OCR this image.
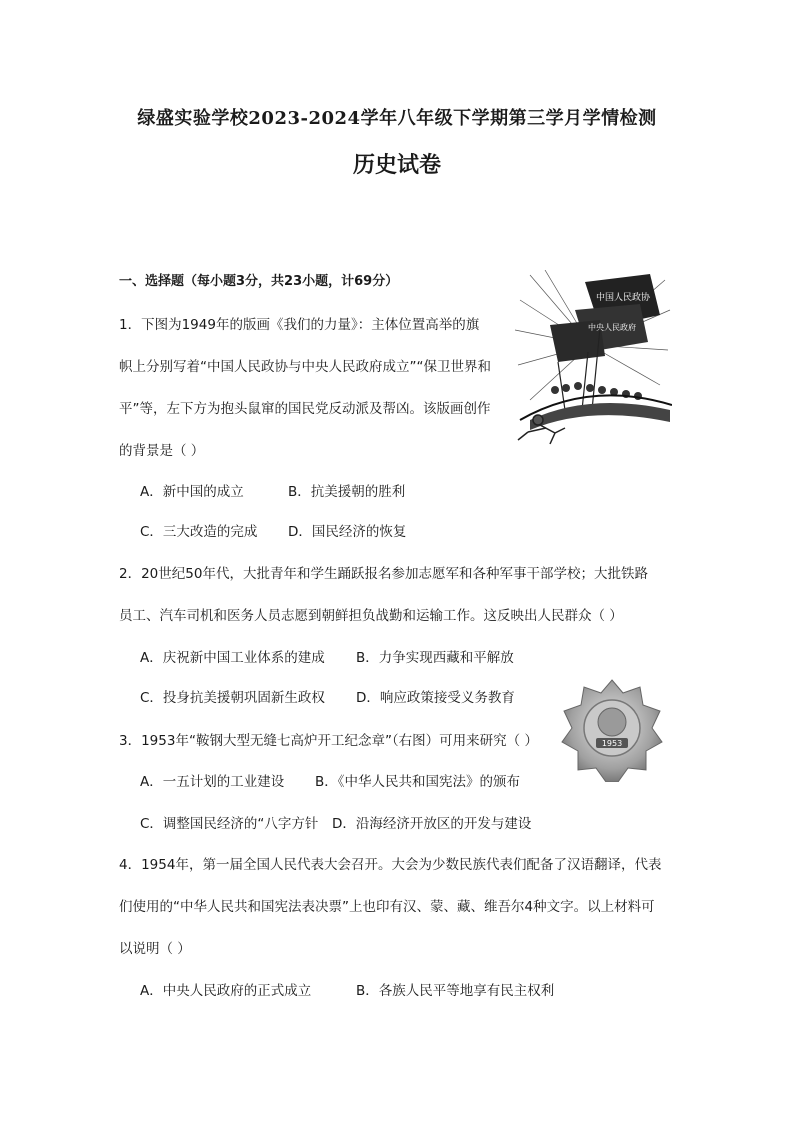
绿盛实验学校2023-2024学年八年级下学期第三学月学情检测
历史试卷
一、选择题（每小题3分，共23小题，计69分）
1．下图为1949年的版画《我们的力量》：主体位置高举的旗
帜上分别写着“中国人民政协与中央人民政府成立”“保卫世界和
平”等，左下方为抱头鼠窜的国民党反动派及帮凶。该版画创作
的背景是（ ）
A．新中国的成立	B．抗美援朝的胜利
C．三大改造的完成 D．国民经济的恢复
中国人民政协
中央人民政府
2．20世纪50年代，大批青年和学生踊跃报名参加志愿军和各种军事干部学校；大批铁路
员工、汽车司机和医务人员志愿到朝鲜担负战勤和运输工作。这反映出人民群众（ ）
A．庆祝新中国工业体系的建成 B．力争实现西藏和平解放
C．投身抗美援朝巩固新生政权 D．响应政策接受义务教育
1953
3．1953年“鞍钢大型无缝七高炉开工纪念章”（右图）可用来研究（ ）
A．一五计划的工业建设 B．《中华人民共和国宪法》的颁布
C．调整国民经济的“八字方针 D．沿海经济开放区的开发与建设
4．1954年，第一届全国人民代表大会召开。大会为少数民族代表们配备了汉语翻译，代表
们使用的“中华人民共和国宪法表决票”上也印有汉、蒙、藏、维吾尔4种文字。以上材料可
以说明（ ）
A．中央人民政府的正式成立	B．各族人民平等地享有民主权利
